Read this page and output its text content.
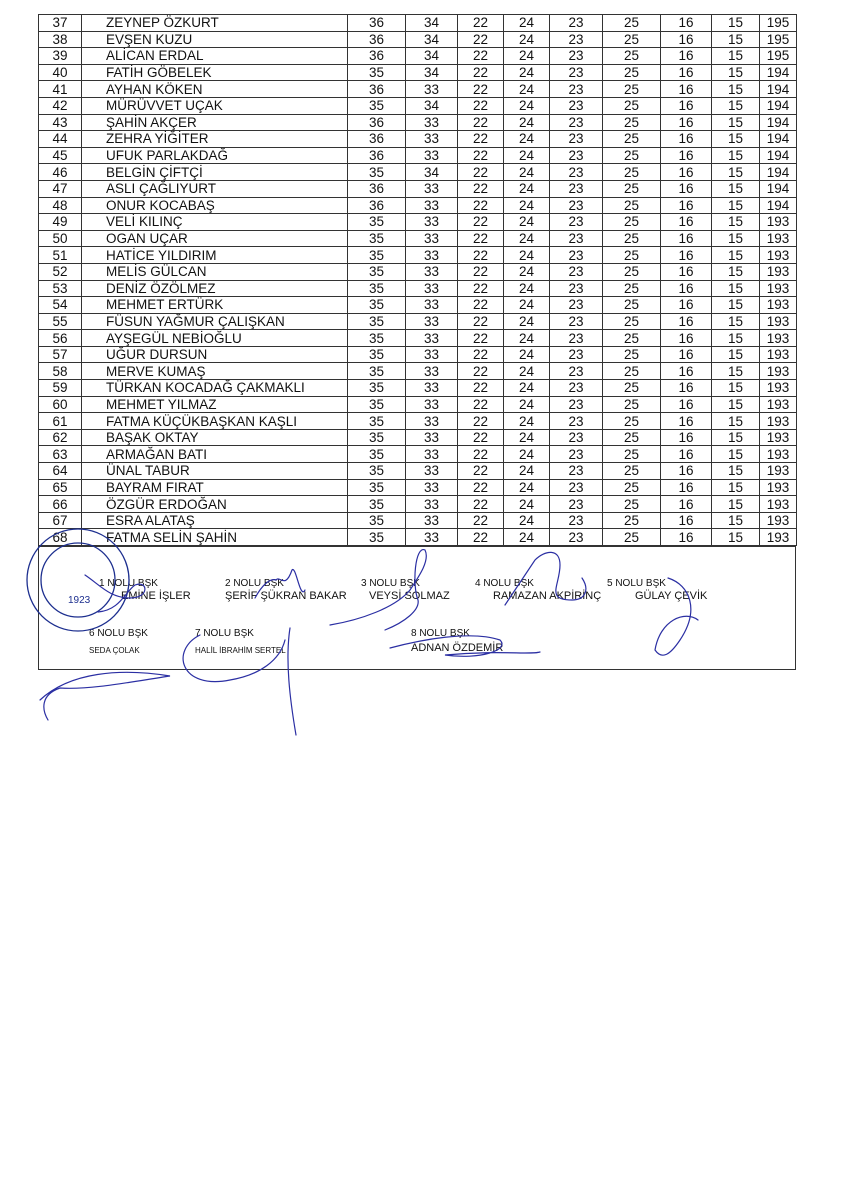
37	ZEYNEP ÖZKURT	36	34	22	24	23	25	16	15	195
38	EVŞEN KUZU	36	34	22	24	23	25	16	15	195
39	ALİCAN ERDAL	36	34	22	24	23	25	16	15	195
40	FATİH GÖBELEK	35	34	22	24	23	25	16	15	194
41	AYHAN KÖKEN	36	33	22	24	23	25	16	15	194
42	MÜRÜVVET UÇAK	35	34	22	24	23	25	16	15	194
43	ŞAHİN AKÇER	36	33	22	24	23	25	16	15	194
44	ZEHRA YİĞİTER	36	33	22	24	23	25	16	15	194
45	UFUK PARLAKDAĞ	36	33	22	24	23	25	16	15	194
46	BELGİN ÇİFTÇİ	35	34	22	24	23	25	16	15	194
47	ASLI ÇAĞLIYURT	36	33	22	24	23	25	16	15	194
48	ONUR KOCABAŞ	36	33	22	24	23	25	16	15	194
49	VELİ KILINÇ	35	33	22	24	23	25	16	15	193
50	OGAN UÇAR	35	33	22	24	23	25	16	15	193
51	HATİCE YILDIRIM	35	33	22	24	23	25	16	15	193
52	MELİS GÜLCAN	35	33	22	24	23	25	16	15	193
53	DENİZ ÖZÖLMEZ	35	33	22	24	23	25	16	15	193
54	MEHMET ERTÜRK	35	33	22	24	23	25	16	15	193
55	FÜSUN YAĞMUR ÇALIŞKAN	35	33	22	24	23	25	16	15	193
56	AYŞEGÜL NEBİOĞLU	35	33	22	24	23	25	16	15	193
57	UĞUR DURSUN	35	33	22	24	23	25	16	15	193
58	MERVE KUMAŞ	35	33	22	24	23	25	16	15	193
59	TÜRKAN KOCADAĞ ÇAKMAKLI	35	33	22	24	23	25	16	15	193
60	MEHMET YILMAZ	35	33	22	24	23	25	16	15	193
61	FATMA KÜÇÜKBAŞKAN KAŞLI	35	33	22	24	23	25	16	15	193
62	BAŞAK OKTAY	35	33	22	24	23	25	16	15	193
63	ARMAĞAN BATI	35	33	22	24	23	25	16	15	193
64	ÜNAL TABUR	35	33	22	24	23	25	16	15	193
65	BAYRAM FIRAT	35	33	22	24	23	25	16	15	193
66	ÖZGÜR ERDOĞAN	35	33	22	24	23	25	16	15	193
67	ESRA ALATAŞ	35	33	22	24	23	25	16	15	193
68	FATMA SELİN ŞAHİN	35	33	22	24	23	25	16	15	193
1 NOLU BŞK
EMİNE İŞLER
2 NOLU BŞK
ŞERİF ŞÜKRAN BAKAR
3 NOLU BŞK
VEYSİ SOLMAZ
4 NOLU BŞK
RAMAZAN AKPİRİNÇ
5 NOLU BŞK
GÜLAY ÇEVİK
6 NOLU BŞK
SEDA ÇOLAK
7 NOLU BŞK
HALİL İBRAHİM SERTEL
8 NOLU BŞK
ADNAN ÖZDEMİR
1923
